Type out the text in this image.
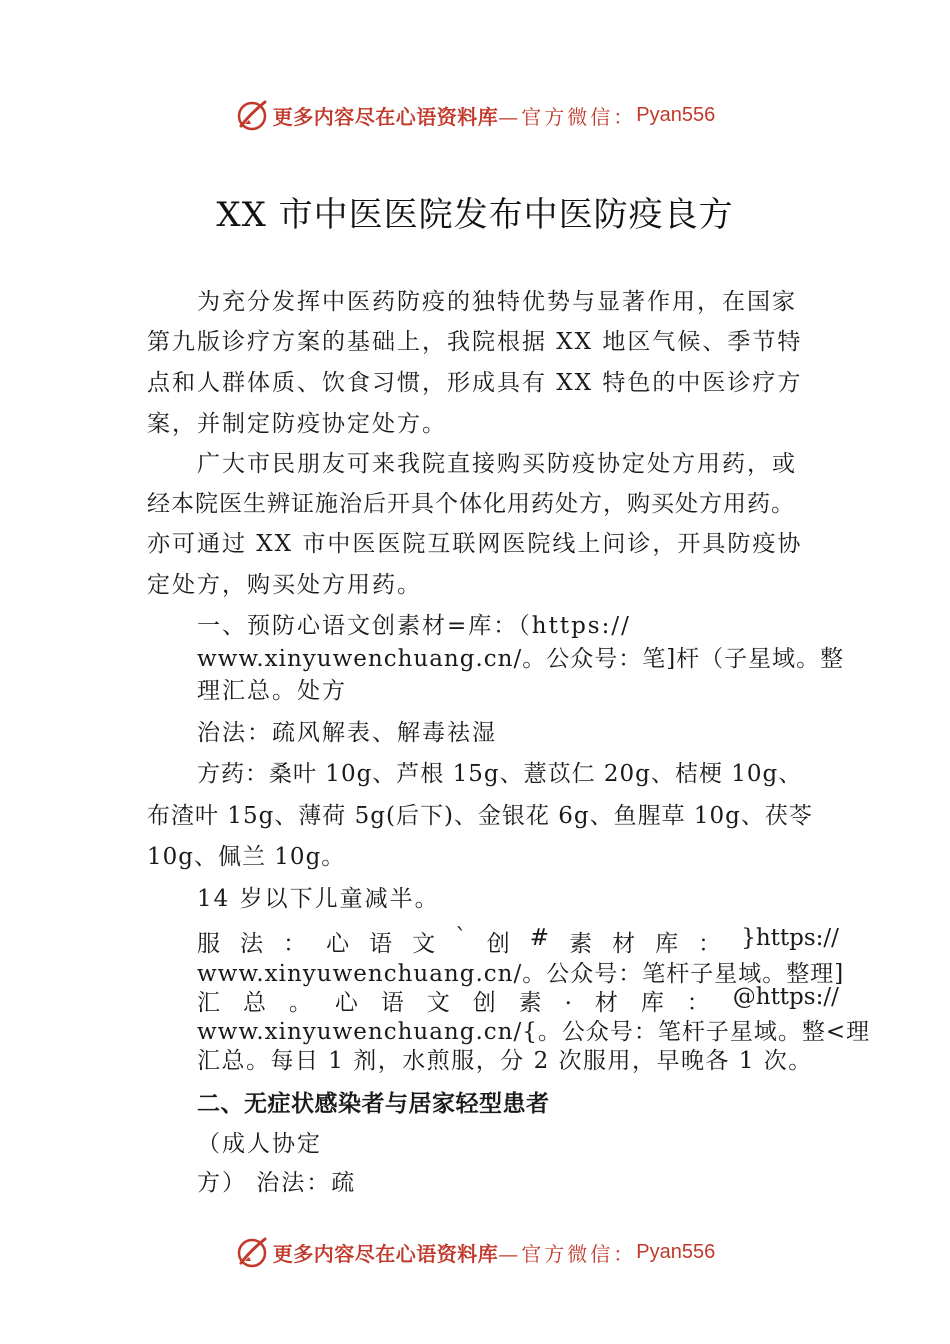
更多内容尽在心语资料库 —官方微信： Pyan556
XX 市中医医院发布中医防疫良方
为充分发挥中医药防疫的独特优势与显著作用，在国家
第九版诊疗方案的基础上，我院根据 XX 地区气候、季节特
点和人群体质、饮食习惯，形成具有 XX 特色的中医诊疗方
案，并制定防疫协定处方。
广大市民朋友可来我院直接购买防疫协定处方用药，或
经本院医生辨证施治后开具个体化用药处方，购买处方用药。
亦可通过 XX 市中医医院互联网医院线上问诊，开具防疫协
定处方，购买处方用药。
一、预防心语文创素材=库：（https://
www.xinyuwenchuang.cn/。公众号：笔]杆（子星域。整
理汇总。处方
治法：疏风解表、解毒祛湿
方药：桑叶 10g、芦根 15g、薏苡仁 20g、桔梗 10g、
布渣叶 15g、薄荷 5g(后下)、金银花 6g、鱼腥草 10g、茯苓
10g、佩兰 10g。
14 岁以下儿童减半。
服 法 ： 心 语 文 ` 创 # 素 材 库 ： }https://
www.xinyuwenchuang.cn/。公众号：笔杆子星域。整理]
汇 总 。 心 语 文 创 素 . 材 库 ： @https://
www.xinyuwenchuang.cn/{。公众号：笔杆子星域。整<理
汇总。每日 1 剂，水煎服，分 2 次服用，早晚各 1 次。
二、无症状感染者与居家轻型患者
（成人协定
方） 治法：疏
更多内容尽在心语资料库 —官方微信： Pyan556
